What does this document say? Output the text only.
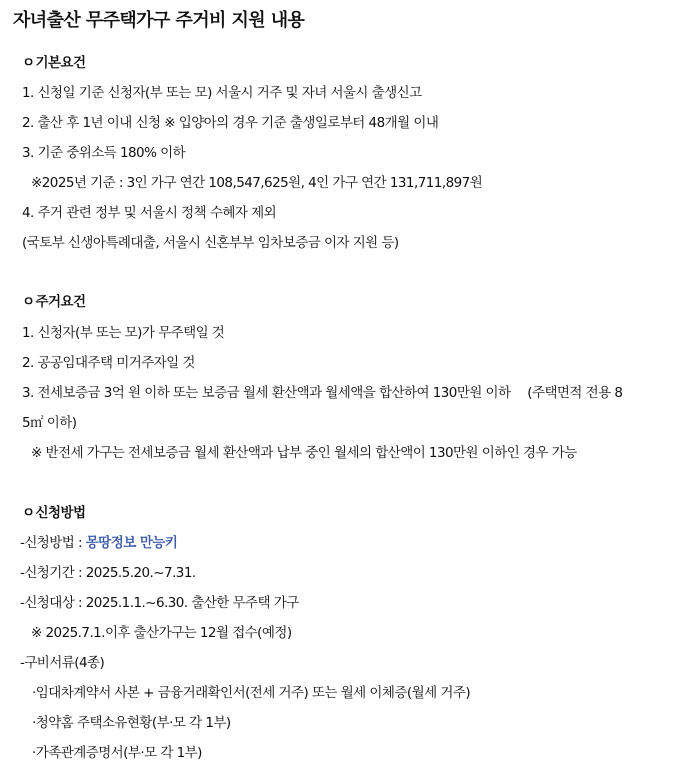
자녀출산 무주택가구 주거비 지원 내용
ㅇ기본요건
1. 신청일 기준 신청자(부 또는 모) 서울시 거주 및 자녀 서울시 출생신고
2. 출산 후 1년 이내 신청 ※ 입양아의 경우 기준 출생일로부터 48개월 이내
3. 기준 중위소득 180% 이하
※2025년 기준 : 3인 가구 연간 108,547,625원, 4인 가구 연간 131,711,897원
4. 주거 관련 정부 및 서울시 정책 수혜자 제외
(국토부 신생아특례대출, 서울시 신혼부부 임차보증금 이자 지원 등)
ㅇ주거요건
1. 신청자(부 또는 모)가 무주택일 것
2. 공공임대주택 미거주자일 것
3. 전세보증금 3억 원 이하 또는 보증금 월세 환산액과 월세액을 합산하여 130만원 이하 　(주택면적 전용 8
5㎡ 이하)
※ 반전세 가구는 전세보증금 월세 환산액과 납부 중인 월세의 합산액이 130만원 이하인 경우 가능
ㅇ신청방법
-신청방법 : 몽땅정보 만능키
-신청기간 : 2025.5.20.~7.31.
-신청대상 : 2025.1.1.~6.30. 출산한 무주택 가구
※ 2025.7.1.이후 출산가구는 12월 접수(예정)
-구비서류(4종)
·임대차계약서 사본 + 금융거래확인서(전세 거주) 또는 월세 이체증(월세 거주)
·청약홈 주택소유현황(부·모 각 1부)
·가족관계증명서(부·모 각 1부)
